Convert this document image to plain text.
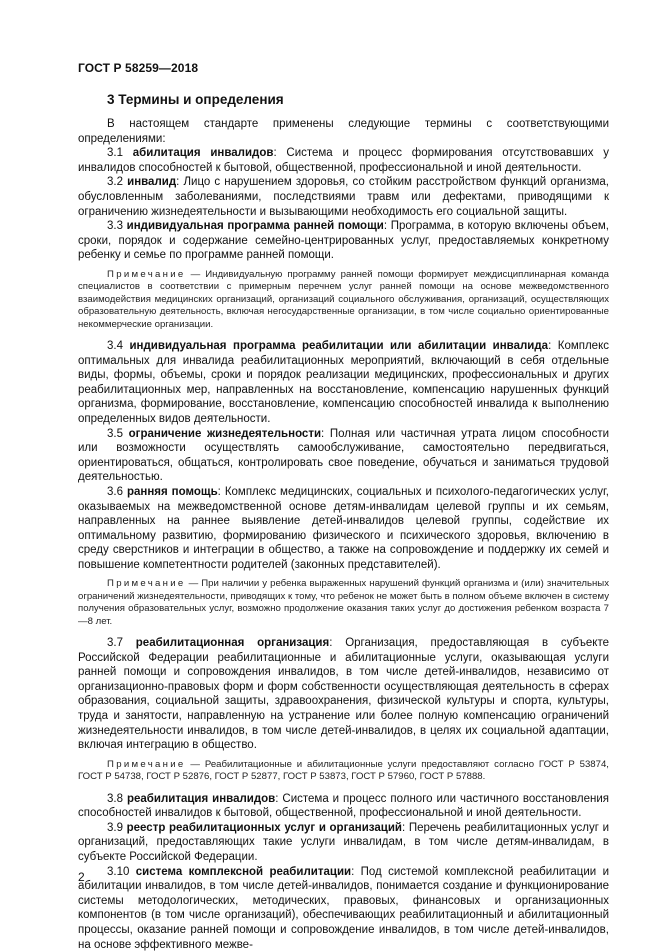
ГОСТ Р 58259—2018
3 Термины и определения

В настоящем стандарте применены следующие термины с соответствующими определениями:

3.1 абилитация инвалидов: Система и процесс формирования отсутствовавших у инвалидов способностей к бытовой, общественной, профессиональной и иной деятельности.

3.2 инвалид: Лицо с нарушением здоровья, со стойким расстройством функций организма, обусловленным заболеваниями, последствиями травм или дефектами, приводящими к ограничению жизнедеятельности и вызывающими необходимость его социальной защиты.

3.3 индивидуальная программа ранней помощи: Программа, в которую включены объем, сроки, порядок и содержание семейно-центрированных услуг, предоставляемых конкретному ребенку и семье по программе ранней помощи.

Примечание — Индивидуальную программу ранней помощи формирует междисциплинарная команда специалистов в соответствии с примерным перечнем услуг ранней помощи на основе межведомственного взаимодействия медицинских организаций, организаций социального обслуживания, организаций, осуществляющих образовательную деятельность, включая негосударственные организации, в том числе социально ориентированные некоммерческие организации.

3.4 индивидуальная программа реабилитации или абилитации инвалида: Комплекс оптимальных для инвалида реабилитационных мероприятий, включающий в себя отдельные виды, формы, объемы, сроки и порядок реализации медицинских, профессиональных и других реабилитационных мер, направленных на восстановление, компенсацию нарушенных функций организма, формирование, восстановление, компенсацию способностей инвалида к выполнению определенных видов деятельности.

3.5 ограничение жизнедеятельности: Полная или частичная утрата лицом способности или возможности осуществлять самообслуживание, самостоятельно передвигаться, ориентироваться, общаться, контролировать свое поведение, обучаться и заниматься трудовой деятельностью.

3.6 ранняя помощь: Комплекс медицинских, социальных и психолого-педагогических услуг, оказываемых на межведомственной основе детям-инвалидам целевой группы и их семьям, направленных на раннее выявление детей-инвалидов целевой группы, содействие их оптимальному развитию, формированию физического и психического здоровья, включению в среду сверстников и интеграции в общество, а также на сопровождение и поддержку их семей и повышение компетентности родителей (законных представителей).

Примечание — При наличии у ребенка выраженных нарушений функций организма и (или) значительных ограничений жизнедеятельности, приводящих к тому, что ребенок не может быть в полном объеме включен в систему получения образовательных услуг, возможно продолжение оказания таких услуг до достижения ребенком возраста 7—8 лет.

3.7 реабилитационная организация: Организация, предоставляющая в субъекте Российской Федерации реабилитационные и абилитационные услуги, оказывающая услуги ранней помощи и сопровождения инвалидов, в том числе детей-инвалидов, независимо от организационно-правовых форм и форм собственности осуществляющая деятельность в сферах образования, социальной защиты, здравоохранения, физической культуры и спорта, культуры, труда и занятости, направленную на устранение или более полную компенсацию ограничений жизнедеятельности инвалидов, в том числе детей-инвалидов, в целях их социальной адаптации, включая интеграцию в общество.

Примечание — Реабилитационные и абилитационные услуги предоставляют согласно ГОСТ Р 53874, ГОСТ Р 54738, ГОСТ Р 52876, ГОСТ Р 52877, ГОСТ Р 53873, ГОСТ Р 57960, ГОСТ Р 57888.

3.8 реабилитация инвалидов: Система и процесс полного или частичного восстановления способностей инвалидов к бытовой, общественной, профессиональной и иной деятельности.

3.9 реестр реабилитационных услуг и организаций: Перечень реабилитационных услуг и организаций, предоставляющих такие услуги инвалидам, в том числе детям-инвалидам, в субъекте Российской Федерации.

3.10 система комплексной реабилитации: Под системой комплексной реабилитации и абилитации инвалидов, в том числе детей-инвалидов, понимается создание и функционирование системы методологических, методических, правовых, финансовых и организационных компонентов (в том числе организаций), обеспечивающих реабилитационный и абилитационный процессы, оказание ранней помощи и сопровождение инвалидов, в том числе детей-инвалидов, на основе эффективного межве-

2
